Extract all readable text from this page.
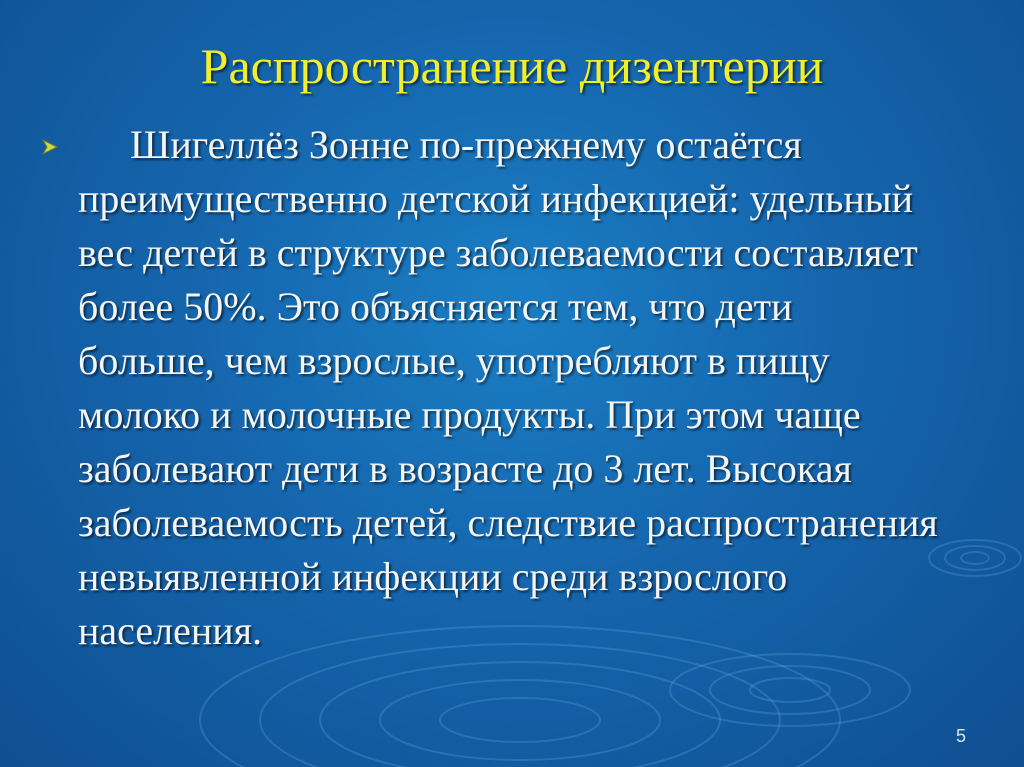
Распространение дизентерии

Шигеллёз Зонне по-прежнему остаётся преимущественно детской инфекцией: удельный вес детей в структуре заболеваемости составляет более 50%. Это объясняется тем, что дети больше, чем взрослые, употребляют в пищу молоко и молочные продукты. При этом чаще заболевают дети в возрасте до 3 лет. Высокая заболеваемость детей, следствие распространения невыявленной инфекции среди взрослого населения.

5
